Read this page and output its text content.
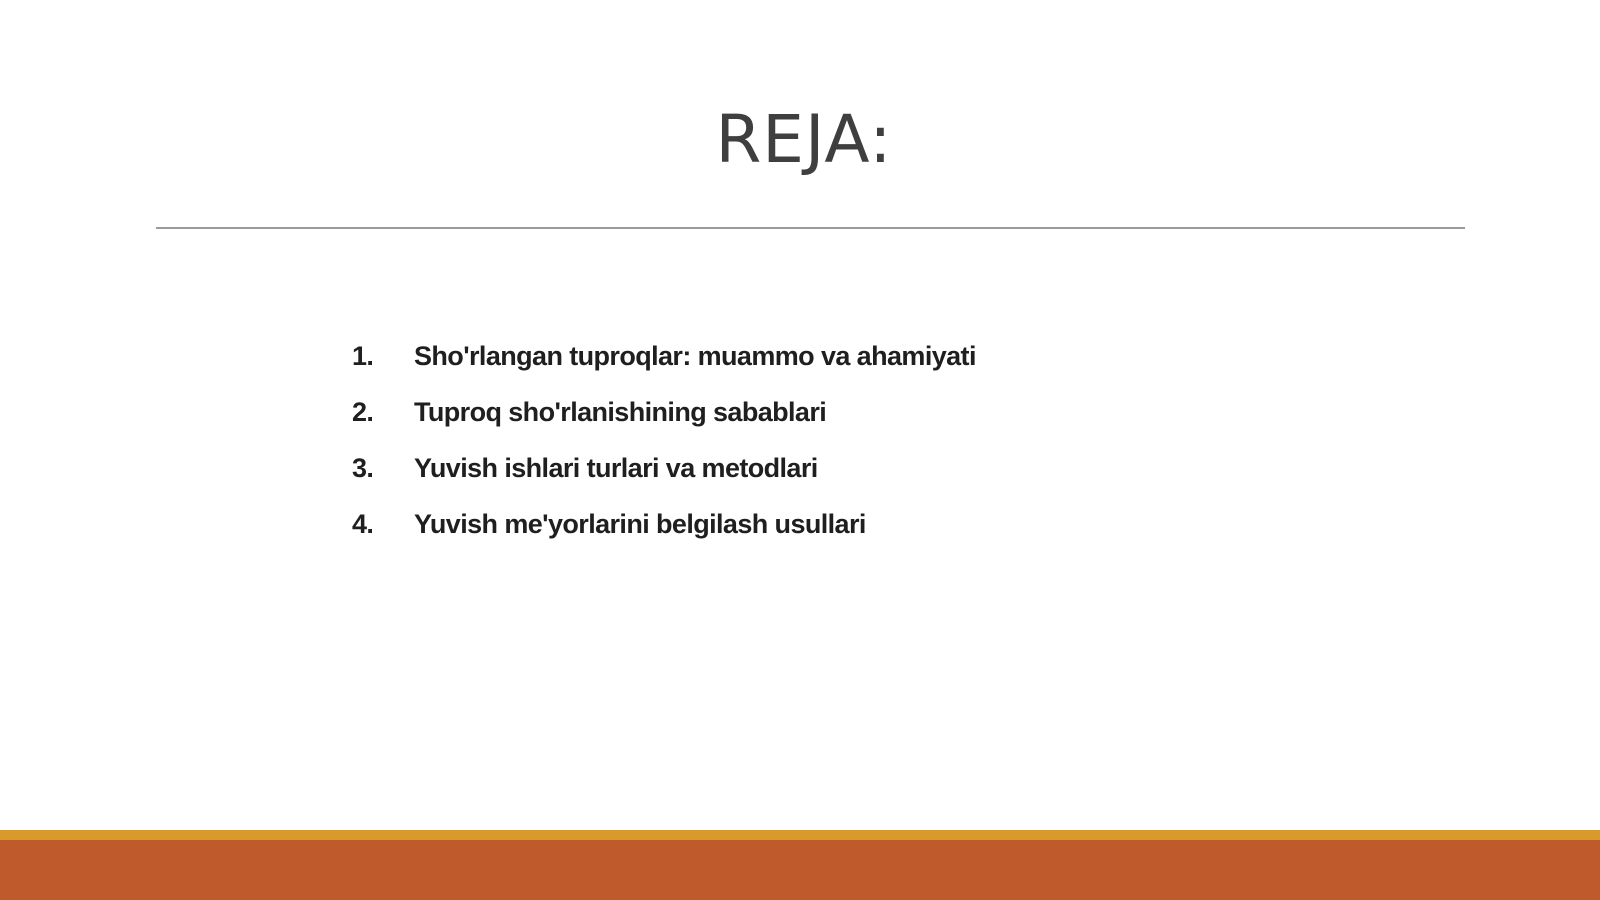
REJA:
1.	Sho'rlangan tuproqlar: muammo va ahamiyati
2.	Tuproq sho'rlanishining sabablari
3.	Yuvish ishlari turlari va metodlari
4.	Yuvish me'yorlarini belgilash usullari
